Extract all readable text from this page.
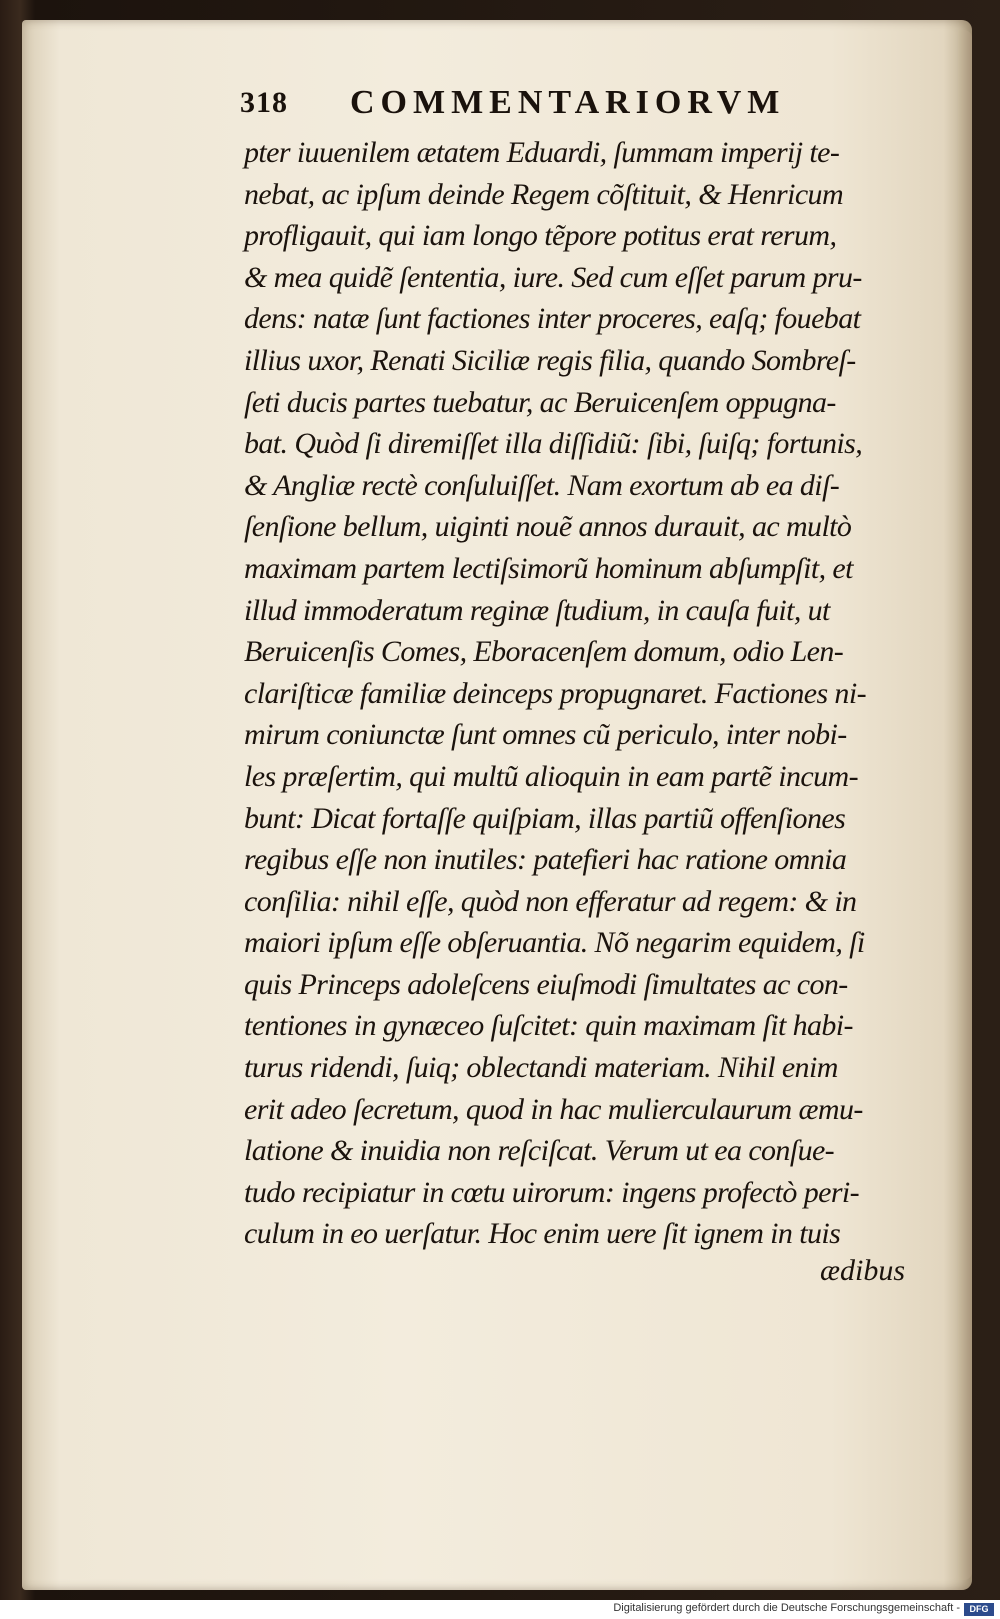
318 COMMENTARIORVM
pter iuuenilem ætatem Eduardi, ſummam imperij te-
nebat, ac ipſum deinde Regem cõſtituit, & Henricum
profligauit, qui iam longo tẽpore potitus erat rerum,
& mea quidẽ ſententia, iure. Sed cum eſſet parum pru-
dens: natæ ſunt factiones inter proceres, eaſq; fouebat
illius uxor, Renati Siciliæ regis filia, quando Sombreſ-
ſeti ducis partes tuebatur, ac Beruicenſem oppugna-
bat. Quòd ſi diremiſſet illa diſſidiũ: ſibi, ſuiſq; fortunis,
& Angliæ rectè conſuluiſſet. Nam exortum ab ea diſ-
ſenſione bellum, uiginti nouẽ annos durauit, ac multò
maximam partem lectiſsimorũ hominum abſumpſit, et
illud immoderatum reginæ ſtudium, in cauſa fuit, ut
Beruicenſis Comes, Eboracenſem domum, odio Len-
clariſticæ familiæ deinceps propugnaret. Factiones ni-
mirum coniunctæ ſunt omnes cũ periculo, inter nobi-
les præſertim, qui multũ alioquin in eam partẽ incum-
bunt: Dicat fortaſſe quiſpiam, illas partiũ offenſiones
regibus eſſe non inutiles: patefieri hac ratione omnia
conſilia: nihil eſſe, quòd non efferatur ad regem: & in
maiori ipſum eſſe obſeruantia. Nõ negarim equidem, ſi
quis Princeps adoleſcens eiuſmodi ſimultates ac con-
tentiones in gynæceo ſuſcitet: quin maximam ſit habi-
turus ridendi, ſuiq; oblectandi materiam. Nihil enim
erit adeo ſecretum, quod in hac mulierculaurum æmu-
latione & inuidia non reſciſcat. Verum ut ea conſue-
tudo recipiatur in cœtu uirorum: ingens profectò peri-
culum in eo uerſatur. Hoc enim uere ſit ignem in tuis
ædibus
Digitalisierung gefördert durch die Deutsche Forschungsgemeinschaft -	DFG
